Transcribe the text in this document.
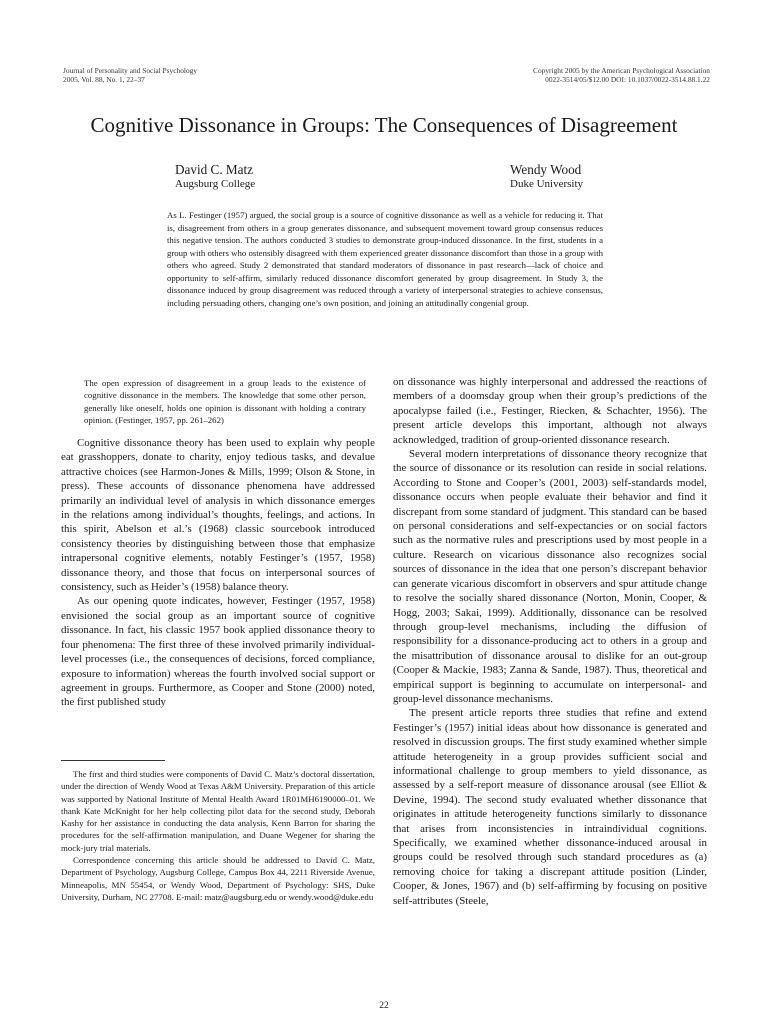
Journal of Personality and Social Psychology
2005, Vol. 88, No. 1, 22–37
Copyright 2005 by the American Psychological Association
0022-3514/05/$12.00 DOI: 10.1037/0022-3514.88.1.22
Cognitive Dissonance in Groups: The Consequences of Disagreement
David C. Matz
Augsburg College
Wendy Wood
Duke University
As L. Festinger (1957) argued, the social group is a source of cognitive dissonance as well as a vehicle for reducing it. That is, disagreement from others in a group generates dissonance, and subsequent movement toward group consensus reduces this negative tension. The authors conducted 3 studies to demonstrate group-induced dissonance. In the first, students in a group with others who ostensibly disagreed with them experienced greater dissonance discomfort than those in a group with others who agreed. Study 2 demonstrated that standard moderators of dissonance in past research—lack of choice and opportunity to self-affirm, similarly reduced dissonance discomfort generated by group disagreement. In Study 3, the dissonance induced by group disagreement was reduced through a variety of interpersonal strategies to achieve consensus, including persuading others, changing one’s own position, and joining an attitudinally congenial group.
The open expression of disagreement in a group leads to the existence of cognitive dissonance in the members. The knowledge that some other person, generally like oneself, holds one opinion is dissonant with holding a contrary opinion. (Festinger, 1957, pp. 261–262)

Cognitive dissonance theory has been used to explain why people eat grasshoppers, donate to charity, enjoy tedious tasks, and devalue attractive choices (see Harmon-Jones & Mills, 1999; Olson & Stone, in press). These accounts of dissonance phenomena have addressed primarily an individual level of analysis in which dissonance emerges in the relations among individual’s thoughts, feelings, and actions. In this spirit, Abelson et al.’s (1968) classic sourcebook introduced consistency theories by distinguishing between those that emphasize intrapersonal cognitive elements, notably Festinger’s (1957, 1958) dissonance theory, and those that focus on interpersonal sources of consistency, such as Heider’s (1958) balance theory.

As our opening quote indicates, however, Festinger (1957, 1958) envisioned the social group as an important source of cognitive dissonance. In fact, his classic 1957 book applied dissonance theory to four phenomena: The first three of these involved primarily individual-level processes (i.e., the consequences of decisions, forced compliance, exposure to information) whereas the fourth involved social support or agreement in groups. Furthermore, as Cooper and Stone (2000) noted, the first published study

on dissonance was highly interpersonal and addressed the reactions of members of a doomsday group when their group’s predictions of the apocalypse failed (i.e., Festinger, Riecken, & Schachter, 1956). The present article develops this important, although not always acknowledged, tradition of group-oriented dissonance research.

Several modern interpretations of dissonance theory recognize that the source of dissonance or its resolution can reside in social relations. According to Stone and Cooper’s (2001, 2003) self-standards model, dissonance occurs when people evaluate their behavior and find it discrepant from some standard of judgment. This standard can be based on personal considerations and self-expectancies or on social factors such as the normative rules and prescriptions used by most people in a culture. Research on vicarious dissonance also recognizes social sources of dissonance in the idea that one person’s discrepant behavior can generate vicarious discomfort in observers and spur attitude change to resolve the socially shared dissonance (Norton, Monin, Cooper, & Hogg, 2003; Sakai, 1999). Additionally, dissonance can be resolved through group-level mechanisms, including the diffusion of responsibility for a dissonance-producing act to others in a group and the misattribution of dissonance arousal to dislike for an out-group (Cooper & Mackie, 1983; Zanna & Sande, 1987). Thus, theoretical and empirical support is beginning to accumulate on interpersonal- and group-level dissonance mechanisms.

The present article reports three studies that refine and extend Festinger’s (1957) initial ideas about how dissonance is generated and resolved in discussion groups. The first study examined whether simple attitude heterogeneity in a group provides sufficient social and informational challenge to group members to yield dissonance, as assessed by a self-report measure of dissonance arousal (see Elliot & Devine, 1994). The second study evaluated whether dissonance that originates in attitude heterogeneity functions similarly to dissonance that arises from inconsistencies in intraindividual cognitions. Specifically, we examined whether dissonance-induced arousal in groups could be resolved through such standard procedures as (a) removing choice for taking a discrepant attitude position (Linder, Cooper, & Jones, 1967) and (b) self-affirming by focusing on positive self-attributes (Steele,

The first and third studies were components of David C. Matz’s doctoral dissertation, under the direction of Wendy Wood at Texas A&M University. Preparation of this article was supported by National Institute of Mental Health Award 1R01MH6190000–01. We thank Kate McKnight for her help collecting pilot data for the second study, Deborah Kashy for her assistance in conducting the data analysis, Kenn Barron for sharing the procedures for the self-affirmation manipulation, and Duane Wegener for sharing the mock-jury trial materials.

Correspondence concerning this article should be addressed to David C. Matz, Department of Psychology, Augsburg College, Campus Box 44, 2211 Riverside Avenue, Minneapolis, MN 55454, or Wendy Wood, Department of Psychology: SHS, Duke University, Durham, NC 27708. E-mail: matz@augsburg.edu or wendy.wood@duke.edu

22
